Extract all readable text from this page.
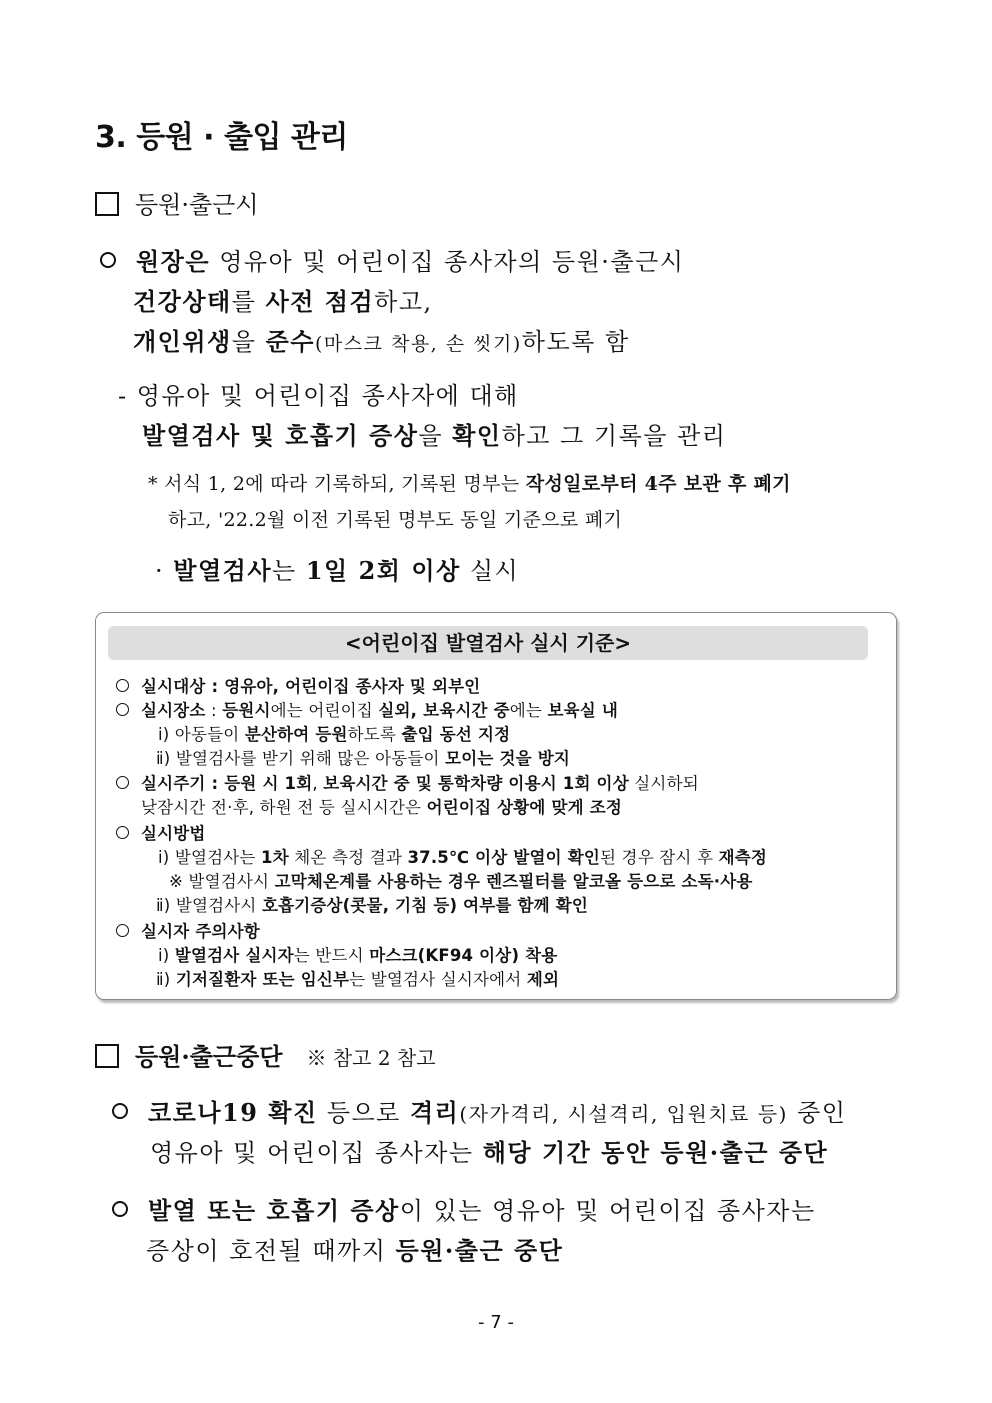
3. 등원 · 출입 관리
등원·출근시
원장은 영유아 및 어린이집 종사자의 등원·출근시
건강상태를 사전 점검하고,
개인위생을 준수(마스크 착용, 손 씻기)하도록 함
- 영유아 및 어린이집 종사자에 대해
발열검사 및 호흡기 증상을 확인하고 그 기록을 관리
* 서식 1, 2에 따라 기록하되, 기록된 명부는 작성일로부터 4주 보관 후 폐기
하고, '22.2월 이전 기록된 명부도 동일 기준으로 폐기
· 발열검사는 1일 2회 이상 실시
<어린이집 발열검사 실시 기준>
실시대상 : 영유아, 어린이집 종사자 및 외부인
실시장소 : 등원시에는 어린이집 실외, 보육시간 중에는 보육실 내
ⅰ) 아동들이 분산하여 등원하도록 출입 동선 지정
ⅱ) 발열검사를 받기 위해 많은 아동들이 모이는 것을 방지
실시주기 : 등원 시 1회, 보육시간 중 및 통학차량 이용시 1회 이상 실시하되
낮잠시간 전·후, 하원 전 등 실시시간은 어린이집 상황에 맞게 조정
실시방법
ⅰ) 발열검사는 1차 체온 측정 결과 37.5℃ 이상 발열이 확인된 경우 잠시 후 재측정
※ 발열검사시 고막체온계를 사용하는 경우 렌즈필터를 알코올 등으로 소독·사용
ⅱ) 발열검사시 호흡기증상(콧물, 기침 등) 여부를 함께 확인
실시자 주의사항
ⅰ) 발열검사 실시자는 반드시 마스크(KF94 이상) 착용
ⅱ) 기저질환자 또는 임신부는 발열검사 실시자에서 제외
등원·출근중단 ※ 참고 2 참고
코로나19 확진 등으로 격리(자가격리, 시설격리, 입원치료 등) 중인
영유아 및 어린이집 종사자는 해당 기간 동안 등원·출근 중단
발열 또는 호흡기 증상이 있는 영유아 및 어린이집 종사자는
증상이 호전될 때까지 등원·출근 중단
- 7 -
